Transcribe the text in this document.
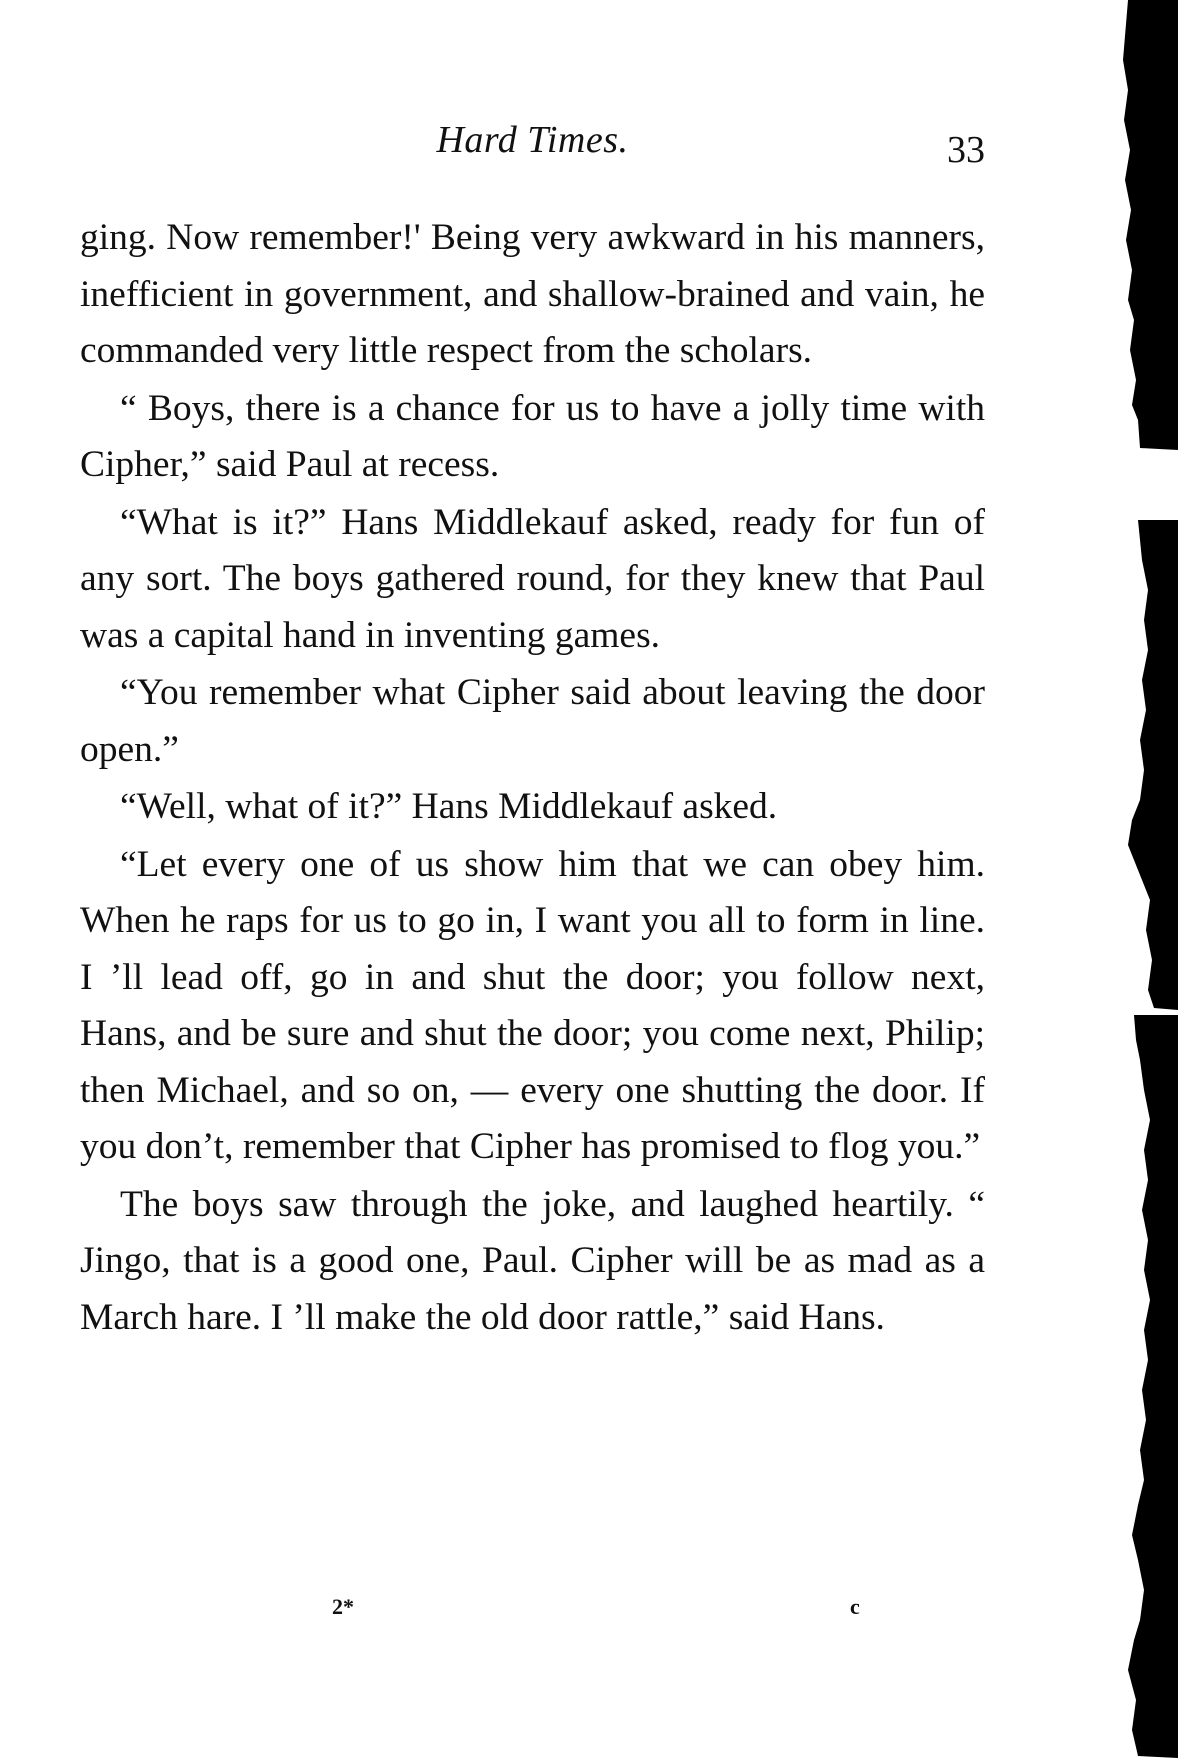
Hard Times.	33

ging. Now remember!' Being very awkward in his manners, inefficient in government, and shallow-brained and vain, he commanded very little respect from the scholars.

“ Boys, there is a chance for us to have a jolly time with Cipher,” said Paul at recess.

“What is it?” Hans Middlekauf asked, ready for fun of any sort. The boys gathered round, for they knew that Paul was a capital hand in inventing games.

“You remember what Cipher said about leaving the door open.”

“Well, what of it?” Hans Middlekauf asked.

“Let every one of us show him that we can obey him. When he raps for us to go in, I want you all to form in line. I ’ll lead off, go in and shut the door; you follow next, Hans, and be sure and shut the door; you come next, Philip; then Michael, and so on, — every one shutting the door. If you don’t, remember that Cipher has promised to flog you.”

The boys saw through the joke, and laughed heartily. “ Jingo, that is a good one, Paul. Cipher will be as mad as a March hare. I ’ll make the old door rattle,” said Hans.

2*	c
